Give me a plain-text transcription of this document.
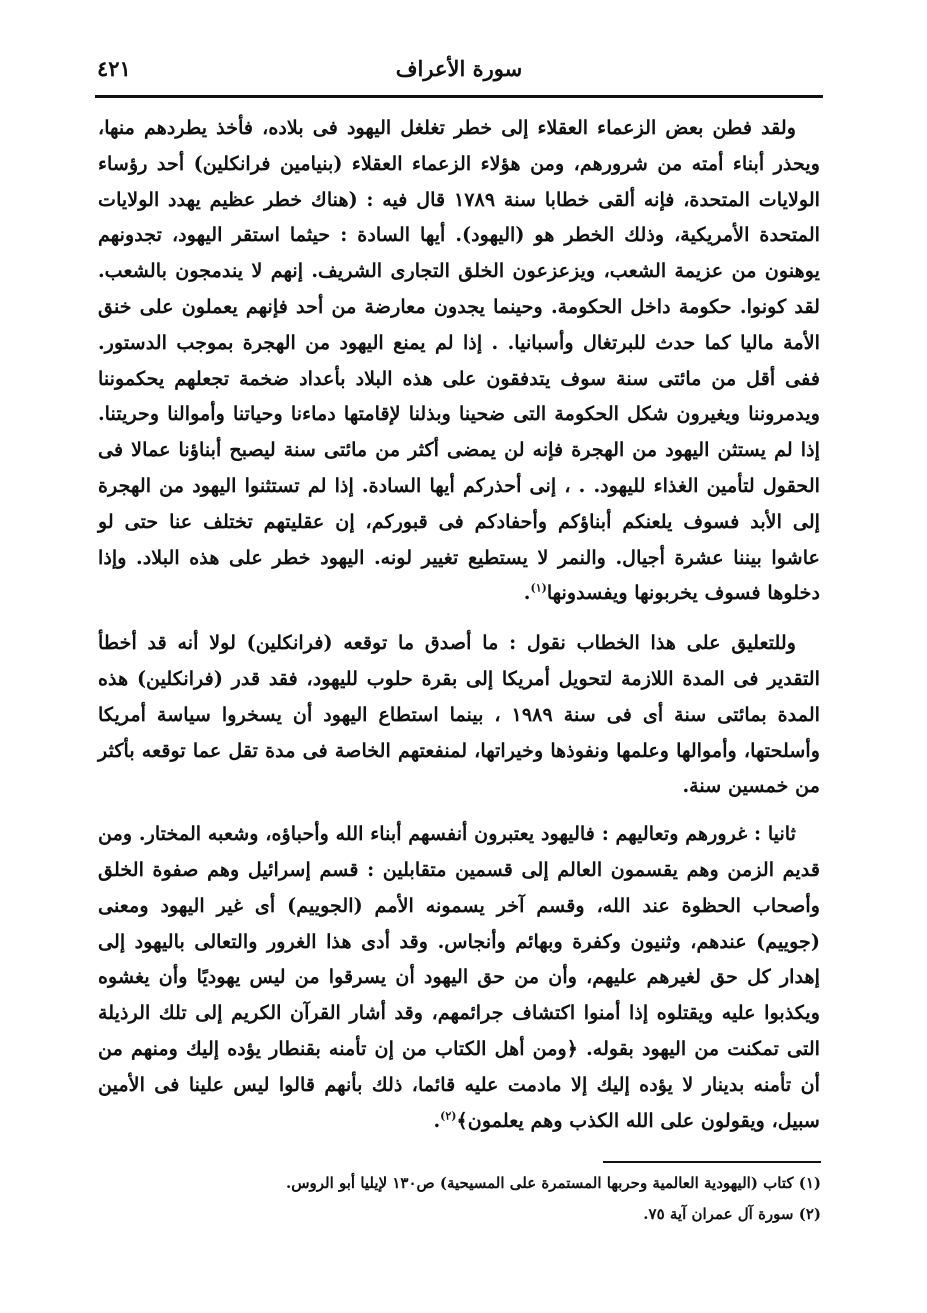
سورة الأعراف
٤٢١

ولقد فطن بعض الزعماء العقلاء إلى خطر تغلغل اليهود فى بلاده، فأخذ يطردهم منها، ويحذر أبناء أمته من شرورهم، ومن هؤلاء الزعماء العقلاء (بنيامين فرانكلين) أحد رؤساء الولايات المتحدة، فإنه ألقى خطابا سنة ١٧٨٩ قال فيه : (هناك خطر عظيم يهدد الولايات المتحدة الأمريكية، وذلك الخطر هو (اليهود). أيها السادة : حيثما استقر اليهود، تجدونهم يوهنون من عزيمة الشعب، ويزعزعون الخلق التجارى الشريف. إنهم لا يندمجون بالشعب. لقد كونوا. حكومة داخل الحكومة. وحينما يجدون معارضة من أحد فإنهم يعملون على خنق الأمة ماليا كما حدث للبرتغال وأسبانيا. . إذا لم يمنع اليهود من الهجرة بموجب الدستور. ففى أقل من مائتى سنة سوف يتدفقون على هذه البلاد بأعداد ضخمة تجعلهم يحكموننا ويدمروننا ويغيرون شكل الحكومة التى ضحينا وبذلنا لإقامتها دماءنا وحياتنا وأموالنا وحريتنا. إذا لم يستثن اليهود من الهجرة فإنه لن يمضى أكثر من مائتى سنة ليصبح أبناؤنا عمالا فى الحقول لتأمين الغذاء لليهود. . ، إنى أحذركم أيها السادة. إذا لم تستثنوا اليهود من الهجرة إلى الأبد فسوف يلعنكم أبناؤكم وأحفادكم فى قبوركم، إن عقليتهم تختلف عنا حتى لو عاشوا بيننا عشرة أجيال. والنمر لا يستطيع تغيير لونه. اليهود خطر على هذه البلاد. وإذا دخلوها فسوف يخربونها ويفسدونها$^{(١)}$.

وللتعليق على هذا الخطاب نقول : ما أصدق ما توقعه (فرانكلين) لولا أنه قد أخطأ التقدير فى المدة اللازمة لتحويل أمريكا إلى بقرة حلوب لليهود، فقد قدر (فرانكلين) هذه المدة بمائتى سنة أى فى سنة ١٩٨٩ ، بينما استطاع اليهود أن يسخروا سياسة أمريكا وأسلحتها، وأموالها وعلمها ونفوذها وخيراتها، لمنفعتهم الخاصة فى مدة تقل عما توقعه بأكثر من خمسين سنة.

ثانيا : غرورهم وتعاليهم : فاليهود يعتبرون أنفسهم أبناء الله وأحباؤه، وشعبه المختار. ومن قديم الزمن وهم يقسمون العالم إلى قسمين متقابلين : قسم إسرائيل وهم صفوة الخلق وأصحاب الحظوة عند الله، وقسم آخر يسمونه الأمم (الجوييم) أى غير اليهود ومعنى (جوييم) عندهم، وثنيون وكفرة وبهائم وأنجاس. وقد أدى هذا الغرور والتعالى باليهود إلى إهدار كل حق لغيرهم عليهم، وأن من حق اليهود أن يسرقوا من ليس يهوديًا وأن يغشوه ويكذبوا عليه ويقتلوه إذا أمنوا اكتشاف جرائمهم، وقد أشار القرآن الكريم إلى تلك الرذيلة التى تمكنت من اليهود بقوله. ﴿ومن أهل الكتاب من إن تأمنه بقنطار يؤده إليك ومنهم من أن تأمنه بدينار لا يؤده إليك إلا مادمت عليه قائما، ذلك بأنهم قالوا ليس علينا فى الأمين سبيل، ويقولون على الله الكذب وهم يعلمون﴾$^{(٢)}$.

(١) كتاب (اليهودية العالمية وحربها المستمرة على المسيحية) ص١٣٠ لإيليا أبو الروس.
(٢) سورة آل عمران آية ٧٥.
